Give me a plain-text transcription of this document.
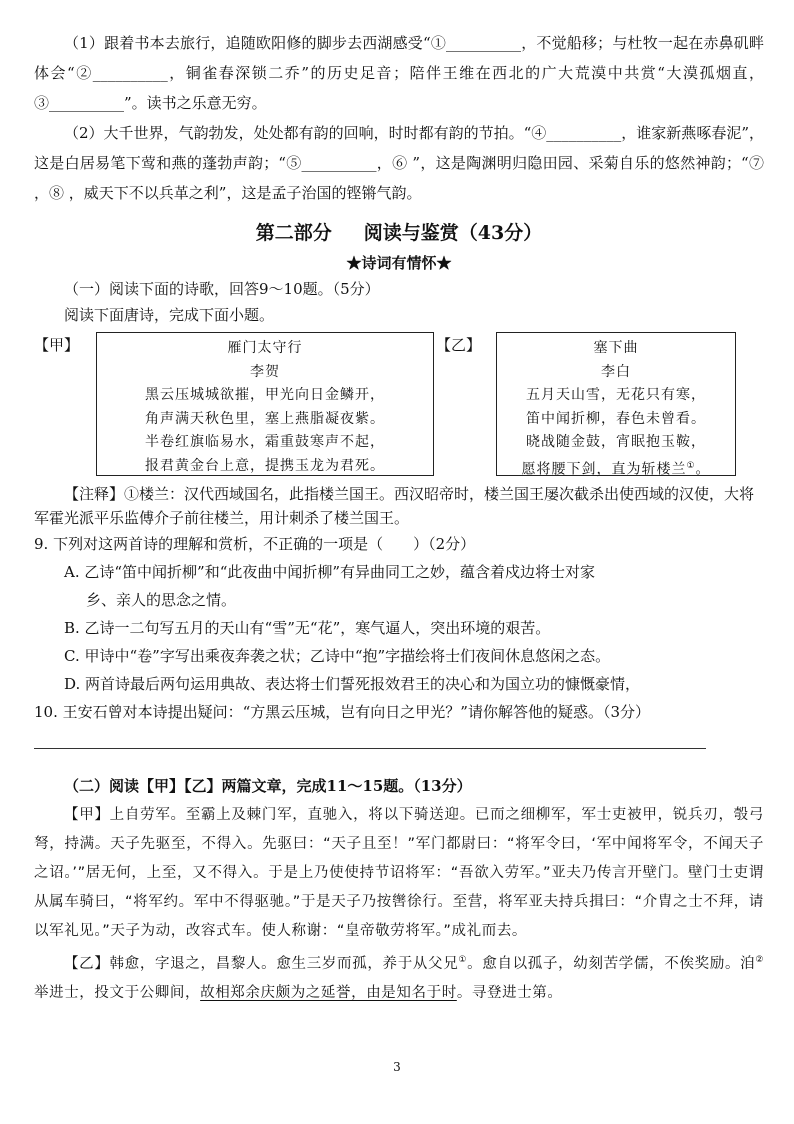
（1）跟着书本去旅行，追随欧阳修的脚步去西湖感受“①__________，不觉船移；与杜牧一起在赤鼻矶畔体会“②__________，铜雀春深锁二乔”的历史足音；陪伴王维在西北的广大荒漠中共赏“大漠孤烟直，③__________”。读书之乐意无穷。

（2）大千世界，气韵勃发，处处都有韵的回响，时时都有韵的节拍。“④__________，谁家新燕啄春泥”，这是白居易笔下莺和燕的蓬勃声韵；“⑤__________，⑥ ”，这是陶渊明归隐田园、采菊自乐的悠然神韵；“⑦ ，⑧ ，威天下不以兵革之利”，这是孟子治国的铿锵气韵。

第二部分 阅读与鉴赏（43分）

★诗词有情怀★

（一）阅读下面的诗歌，回答9～10题。（5分）

阅读下面唐诗，完成下面小题。

【甲】	雁门太守行
李贺
黑云压城城欲摧，甲光向日金鳞开，
角声满天秋色里，塞上燕脂凝夜紫。
半卷红旗临易水，霜重鼓寒声不起，
报君黄金台上意，提携玉龙为君死。
【乙】	塞下曲
李白
五月天山雪，无花只有寒，
笛中闻折柳，春色未曾看。
晓战随金鼓，宵眠抱玉鞍，
愿将腰下剑，直为斩楼兰①。

【注释】①楼兰：汉代西域国名，此指楼兰国王。西汉昭帝时，楼兰国王屡次截杀出使西域的汉使，大将军霍光派平乐监傅介子前往楼兰，用计刺杀了楼兰国王。

9. 下列对这两首诗的理解和赏析，不正确的一项是（　　）（2分）

A. 乙诗“笛中闻折柳”和“此夜曲中闻折柳”有异曲同工之妙，蕴含着戍边将士对家

乡、亲人的思念之情。

B. 乙诗一二句写五月的天山有“雪”无“花”，寒气逼人，突出环境的艰苦。

C. 甲诗中“卷”字写出乘夜奔袭之状；乙诗中“抱”字描绘将士们夜间休息悠闲之态。

D. 两首诗最后两句运用典故、表达将士们誓死报效君王的决心和为国立功的慷慨豪情，

10. 王安石曾对本诗提出疑问：“方黑云压城，岂有向日之甲光？”请你解答他的疑惑。（3分）

（二）阅读【甲】【乙】两篇文章，完成11～15题。（13分）

【甲】上自劳军。至霸上及棘门军，直驰入，将以下骑送迎。已而之细柳军，军士吏被甲，锐兵刃，彀弓弩，持满。天子先驱至，不得入。先驱曰：“天子且至！”军门都尉曰：“将军令曰，‘军中闻将军令，不闻天子之诏。’”居无何，上至，又不得入。于是上乃使使持节诏将军：“吾欲入劳军。”亚夫乃传言开壁门。壁门士吏谓从属车骑曰，“将军约。军中不得驱驰。”于是天子乃按辔徐行。至营，将军亚夫持兵揖曰：“介胄之士不拜，请以军礼见。”天子为动，改容式车。使人称谢：“皇帝敬劳将军。”成礼而去。

【乙】韩愈，字退之，昌黎人。愈生三岁而孤，养于从父兄①。愈自以孤子，幼刻苦学儒，不俟奖励。洎②举进士，投文于公卿间，故相郑余庆颇为之延誉，由是知名于时。寻登进士第。

3
